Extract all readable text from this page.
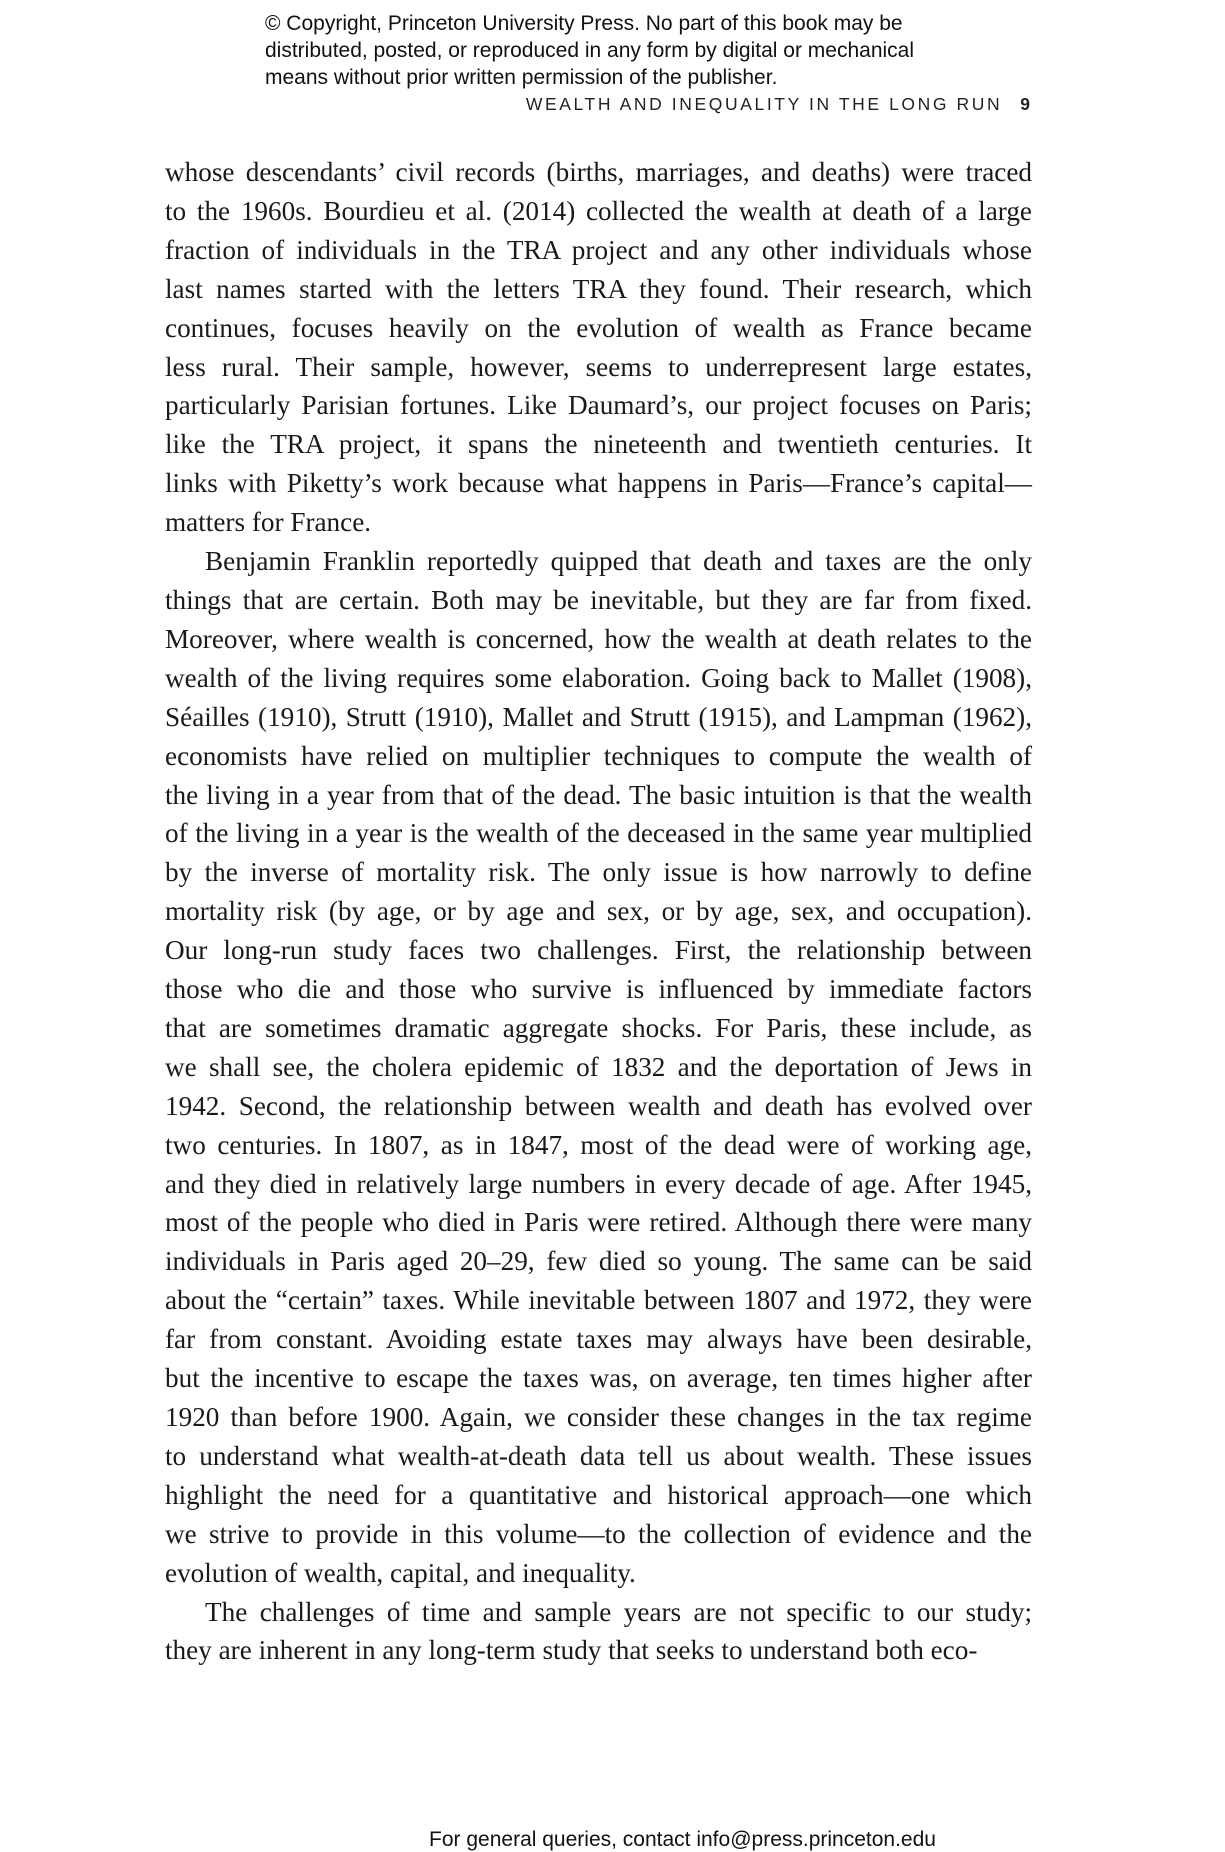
© Copyright, Princeton University Press. No part of this book may be
distributed, posted, or reproduced in any form by digital or mechanical
means without prior written permission of the publisher.
WEALTH AND INEQUALITY IN THE LONG RUN 9

whose descendants’ civil records (births, marriages, and deaths) were traced
to the 1960s. Bourdieu et al. (2014) collected the wealth at death of a large
fraction of individuals in the TRA project and any other individuals whose
last names started with the letters TRA they found. Their research, which
continues, focuses heavily on the evolution of wealth as France became
less rural. Their sample, however, seems to underrepresent large estates,
particularly Parisian fortunes. Like Daumard’s, our project focuses on Paris;
like the TRA project, it spans the nineteenth and twentieth centuries. It
links with Piketty’s work because what happens in Paris—France’s capital—
matters for France.

Benjamin Franklin reportedly quipped that death and taxes are the only
things that are certain. Both may be inevitable, but they are far from fixed.
Moreover, where wealth is concerned, how the wealth at death relates to the
wealth of the living requires some elaboration. Going back to Mallet (1908),
Séailles (1910), Strutt (1910), Mallet and Strutt (1915), and Lampman (1962),
economists have relied on multiplier techniques to compute the wealth of
the living in a year from that of the dead. The basic intuition is that the wealth
of the living in a year is the wealth of the deceased in the same year multiplied
by the inverse of mortality risk. The only issue is how narrowly to define
mortality risk (by age, or by age and sex, or by age, sex, and occupation).
Our long-run study faces two challenges. First, the relationship between
those who die and those who survive is influenced by immediate factors
that are sometimes dramatic aggregate shocks. For Paris, these include, as
we shall see, the cholera epidemic of 1832 and the deportation of Jews in
1942. Second, the relationship between wealth and death has evolved over
two centuries. In 1807, as in 1847, most of the dead were of working age,
and they died in relatively large numbers in every decade of age. After 1945,
most of the people who died in Paris were retired. Although there were many
individuals in Paris aged 20–29, few died so young. The same can be said
about the “certain” taxes. While inevitable between 1807 and 1972, they were
far from constant. Avoiding estate taxes may always have been desirable,
but the incentive to escape the taxes was, on average, ten times higher after
1920 than before 1900. Again, we consider these changes in the tax regime
to understand what wealth-at-death data tell us about wealth. These issues
highlight the need for a quantitative and historical approach—one which
we strive to provide in this volume—to the collection of evidence and the
evolution of wealth, capital, and inequality.

The challenges of time and sample years are not specific to our study;
they are inherent in any long-term study that seeks to understand both eco-

For general queries, contact info@press.princeton.edu
